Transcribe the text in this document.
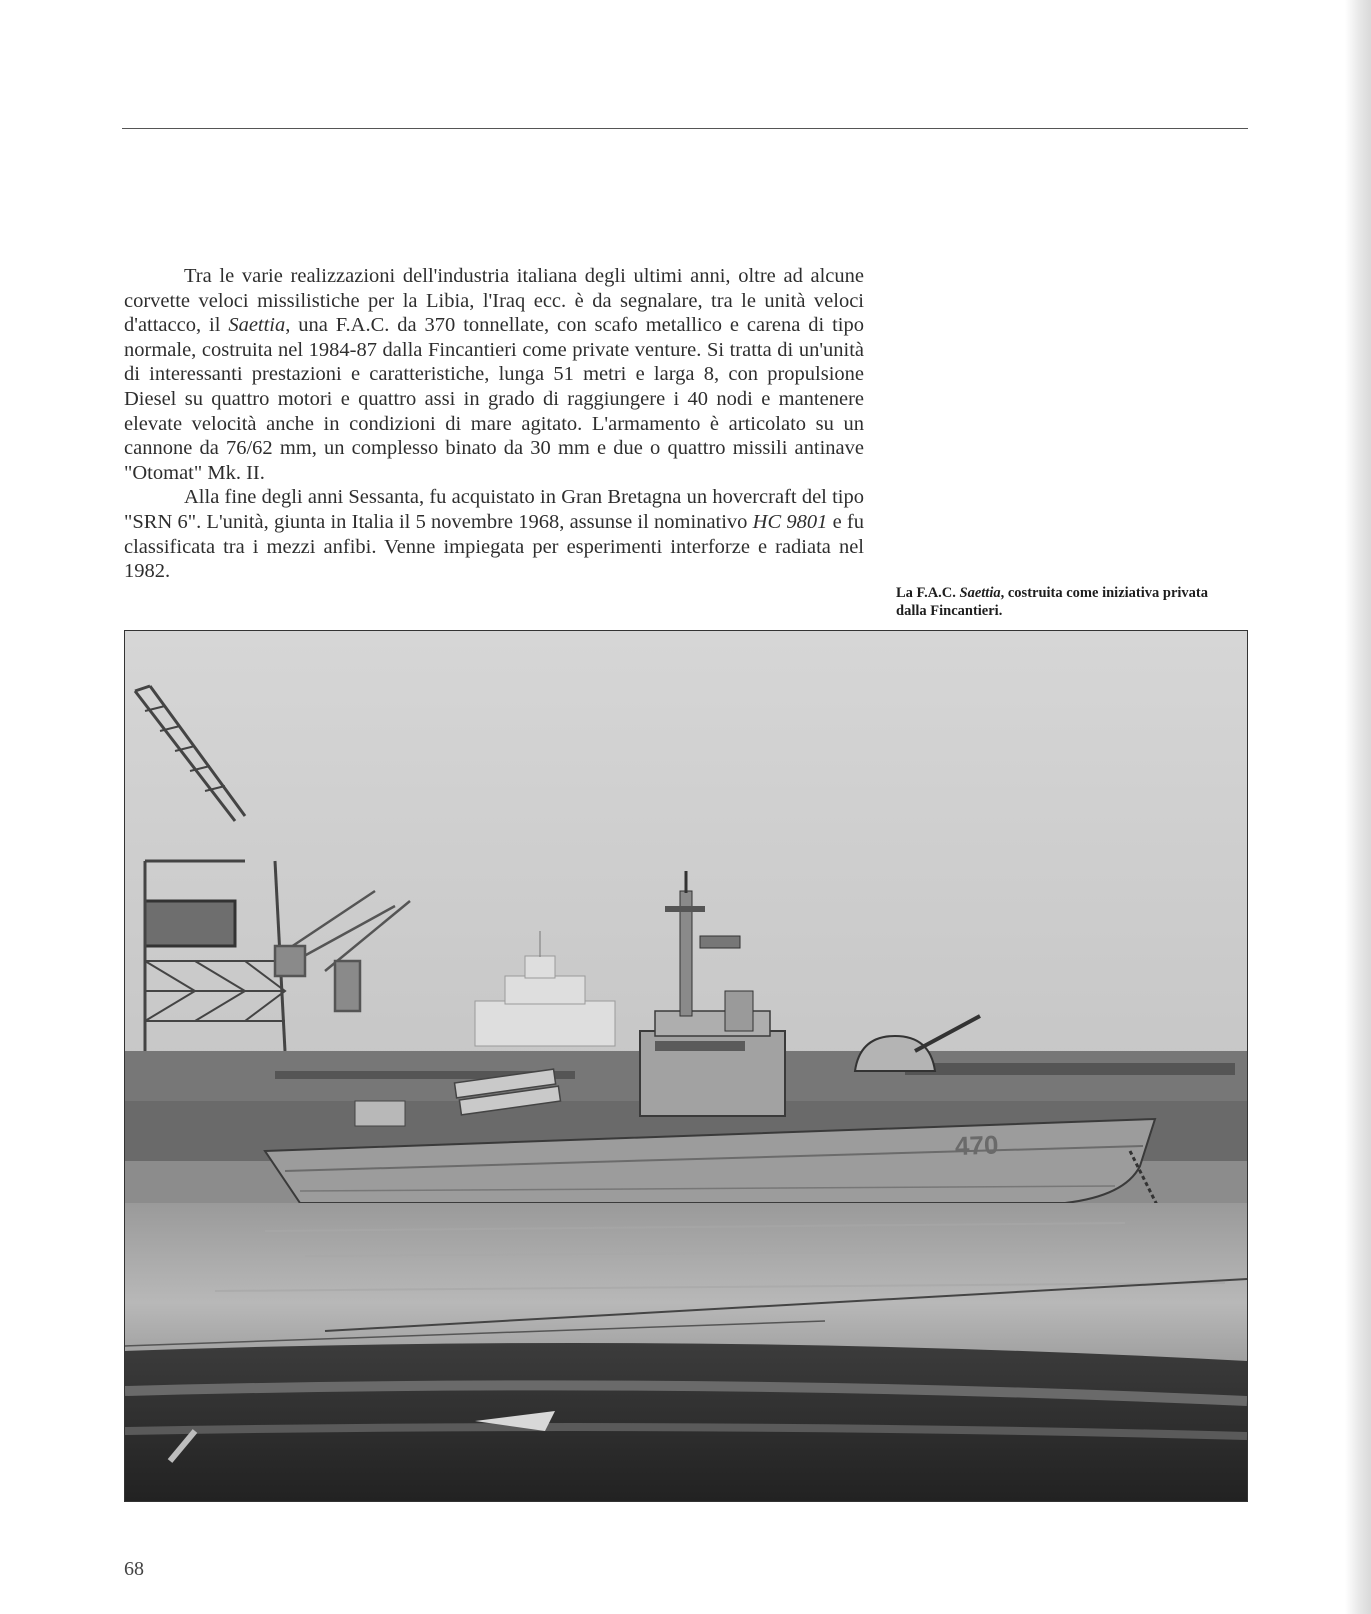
Tra le varie realizzazioni dell'industria italiana degli ultimi anni, oltre ad alcune corvette veloci missilistiche per la Libia, l'Iraq ecc. è da segnalare, tra le unità veloci d'attacco, il Saettia, una F.A.C. da 370 tonnellate, con scafo metallico e carena di tipo normale, costruita nel 1984-87 dalla Fincantieri come private venture. Si tratta di un'unità di interessanti prestazioni e caratteristiche, lunga 51 metri e larga 8, con propulsione Diesel su quattro motori e quattro assi in grado di raggiungere i 40 nodi e mantenere elevate velocità anche in condizioni di mare agitato. L'armamento è articolato su un cannone da 76/62 mm, un complesso binato da 30 mm e due o quattro missili antinave "Otomat" Mk. II.

Alla fine degli anni Sessanta, fu acquistato in Gran Bretagna un hovercraft del tipo "SRN 6". L'unità, giunta in Italia il 5 novembre 1968, assunse il nominativo HC 9801 e fu classificata tra i mezzi anfibi. Venne impiegata per esperimenti interforze e radiata nel 1982.

La F.A.C. Saettia, costruita come iniziativa privata dalla Fincantieri.
470
68
